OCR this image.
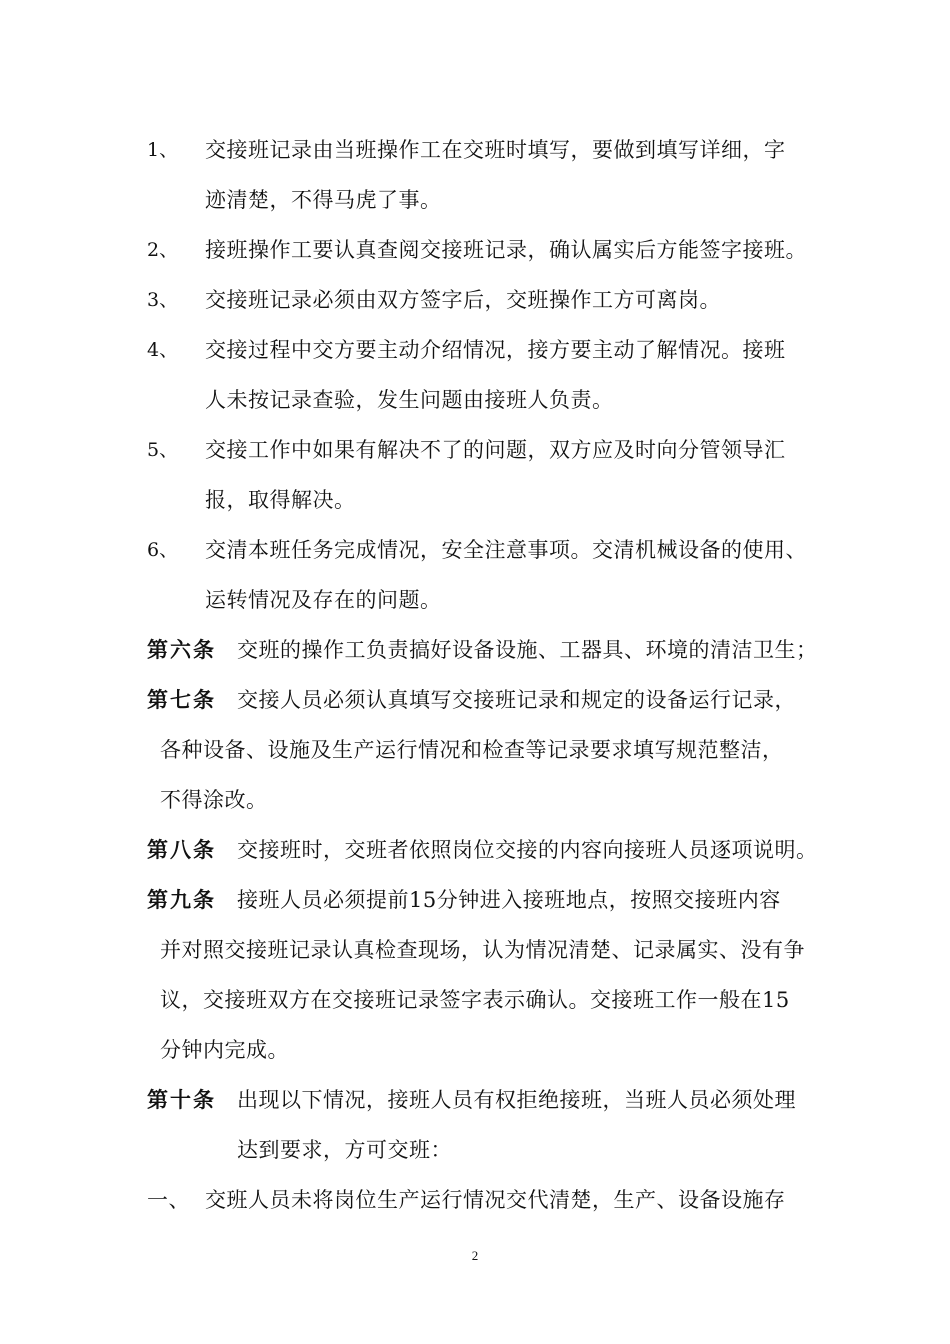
1、 交接班记录由当班操作工在交班时填写，要做到填写详细，字
迹清楚，不得马虎了事。
2、 接班操作工要认真查阅交接班记录，确认属实后方能签字接班。
3、 交接班记录必须由双方签字后，交班操作工方可离岗。
4、 交接过程中交方要主动介绍情况，接方要主动了解情况。接班
人未按记录查验，发生问题由接班人负责。
5、 交接工作中如果有解决不了的问题，双方应及时向分管领导汇
报，取得解决。
6、 交清本班任务完成情况，安全注意事项。交清机械设备的使用、
运转情况及存在的问题。
第六条 交班的操作工负责搞好设备设施、工器具、环境的清洁卫生；
第七条 交接人员必须认真填写交接班记录和规定的设备运行记录，
各种设备、设施及生产运行情况和检查等记录要求填写规范整洁，
不得涂改。
第八条 交接班时，交班者依照岗位交接的内容向接班人员逐项说明。
第九条 接班人员必须提前15分钟进入接班地点，按照交接班内容
并对照交接班记录认真检查现场，认为情况清楚、记录属实、没有争
议，交接班双方在交接班记录签字表示确认。交接班工作一般在15
分钟内完成。
第十条 出现以下情况，接班人员有权拒绝接班，当班人员必须处理
达到要求，方可交班：
一、 交班人员未将岗位生产运行情况交代清楚，生产、设备设施存
2
